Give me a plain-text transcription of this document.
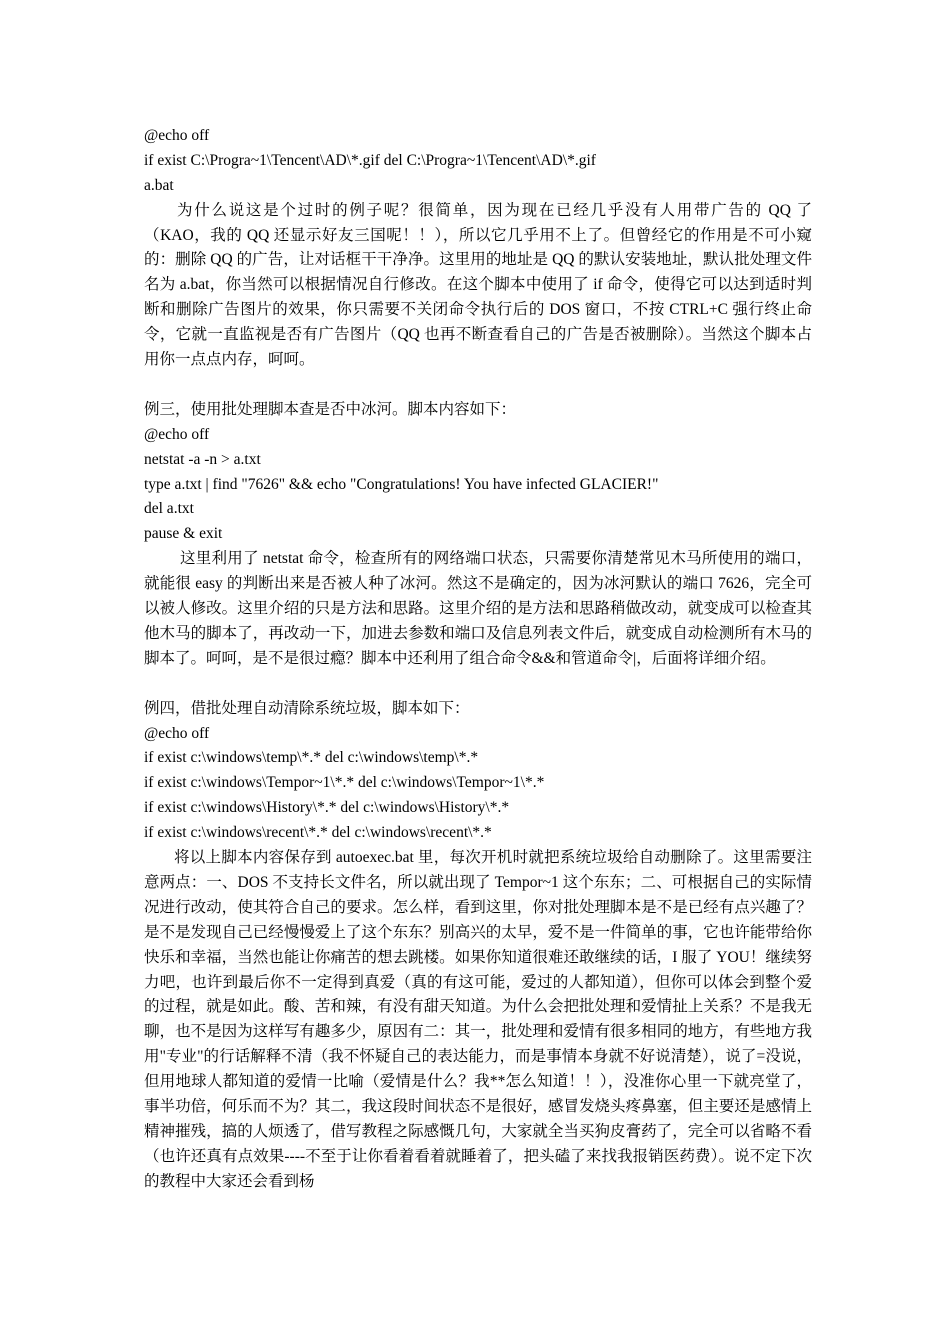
@echo off
if exist C:\Progra~1\Tencent\AD\*.gif del C:\Progra~1\Tencent\AD\*.gif
a.bat
为什么说这是个过时的例子呢？很简单，因为现在已经几乎没有人用带广告的 QQ 了（KAO，我的 QQ 还显示好友三国呢！！），所以它几乎用不上了。但曾经它的作用是不可小窥的：删除 QQ 的广告，让对话框干干净净。这里用的地址是 QQ 的默认安装地址，默认批处理文件名为 a.bat，你当然可以根据情况自行修改。在这个脚本中使用了 if 命令，使得它可以达到适时判断和删除广告图片的效果，你只需要不关闭命令执行后的 DOS 窗口，不按 CTRL+C 强行终止命令，它就一直监视是否有广告图片（QQ 也再不断查看自己的广告是否被删除）。当然这个脚本占用你一点点内存，呵呵。
例三，使用批处理脚本查是否中冰河。脚本内容如下：
@echo off
netstat -a -n > a.txt
type a.txt | find "7626" && echo "Congratulations! You have infected GLACIER!"
del a.txt
pause & exit
这里利用了 netstat 命令，检查所有的网络端口状态，只需要你清楚常见木马所使用的端口，就能很 easy 的判断出来是否被人种了冰河。然这不是确定的，因为冰河默认的端口 7626，完全可以被人修改。这里介绍的只是方法和思路。这里介绍的是方法和思路稍做改动，就变成可以检查其他木马的脚本了，再改动一下，加进去参数和端口及信息列表文件后，就变成自动检测所有木马的脚本了。呵呵，是不是很过瘾？脚本中还利用了组合命令&&和管道命令|，后面将详细介绍。
例四，借批处理自动清除系统垃圾，脚本如下：
@echo off
if exist c:\windows\temp\*.* del c:\windows\temp\*.*
if exist c:\windows\Tempor~1\*.* del c:\windows\Tempor~1\*.*
if exist c:\windows\History\*.* del c:\windows\History\*.*
if exist c:\windows\recent\*.* del c:\windows\recent\*.*
将以上脚本内容保存到 autoexec.bat 里，每次开机时就把系统垃圾给自动删除了。这里需要注意两点：一、DOS 不支持长文件名，所以就出现了 Tempor~1 这个东东；二、可根据自己的实际情况进行改动，使其符合自己的要求。怎么样，看到这里，你对批处理脚本是不是已经有点兴趣了？是不是发现自己已经慢慢爱上了这个东东？别高兴的太早，爱不是一件简单的事，它也许能带给你快乐和幸福，当然也能让你痛苦的想去跳楼。如果你知道很难还敢继续的话，I 服了 YOU！继续努力吧，也许到最后你不一定得到真爱（真的有这可能，爱过的人都知道），但你可以体会到整个爱的过程，就是如此。酸、苦和辣，有没有甜天知道。为什么会把批处理和爱情扯上关系？不是我无聊，也不是因为这样写有趣多少，原因有二：其一，批处理和爱情有很多相同的地方，有些地方我用"专业"的行话解释不清（我不怀疑自己的表达能力，而是事情本身就不好说清楚），说了=没说，但用地球人都知道的爱情一比喻（爱情是什么？我**怎么知道！！），没准你心里一下就亮堂了，事半功倍，何乐而不为？其二，我这段时间状态不是很好，感冒发烧头疼鼻塞，但主要还是感情上精神摧残，搞的人烦透了，借写教程之际感慨几句，大家就全当买狗皮膏药了，完全可以省略不看（也许还真有点效果----不至于让你看着看着就睡着了，把头磕了来找我报销医药费）。说不定下次的教程中大家还会看到杨
